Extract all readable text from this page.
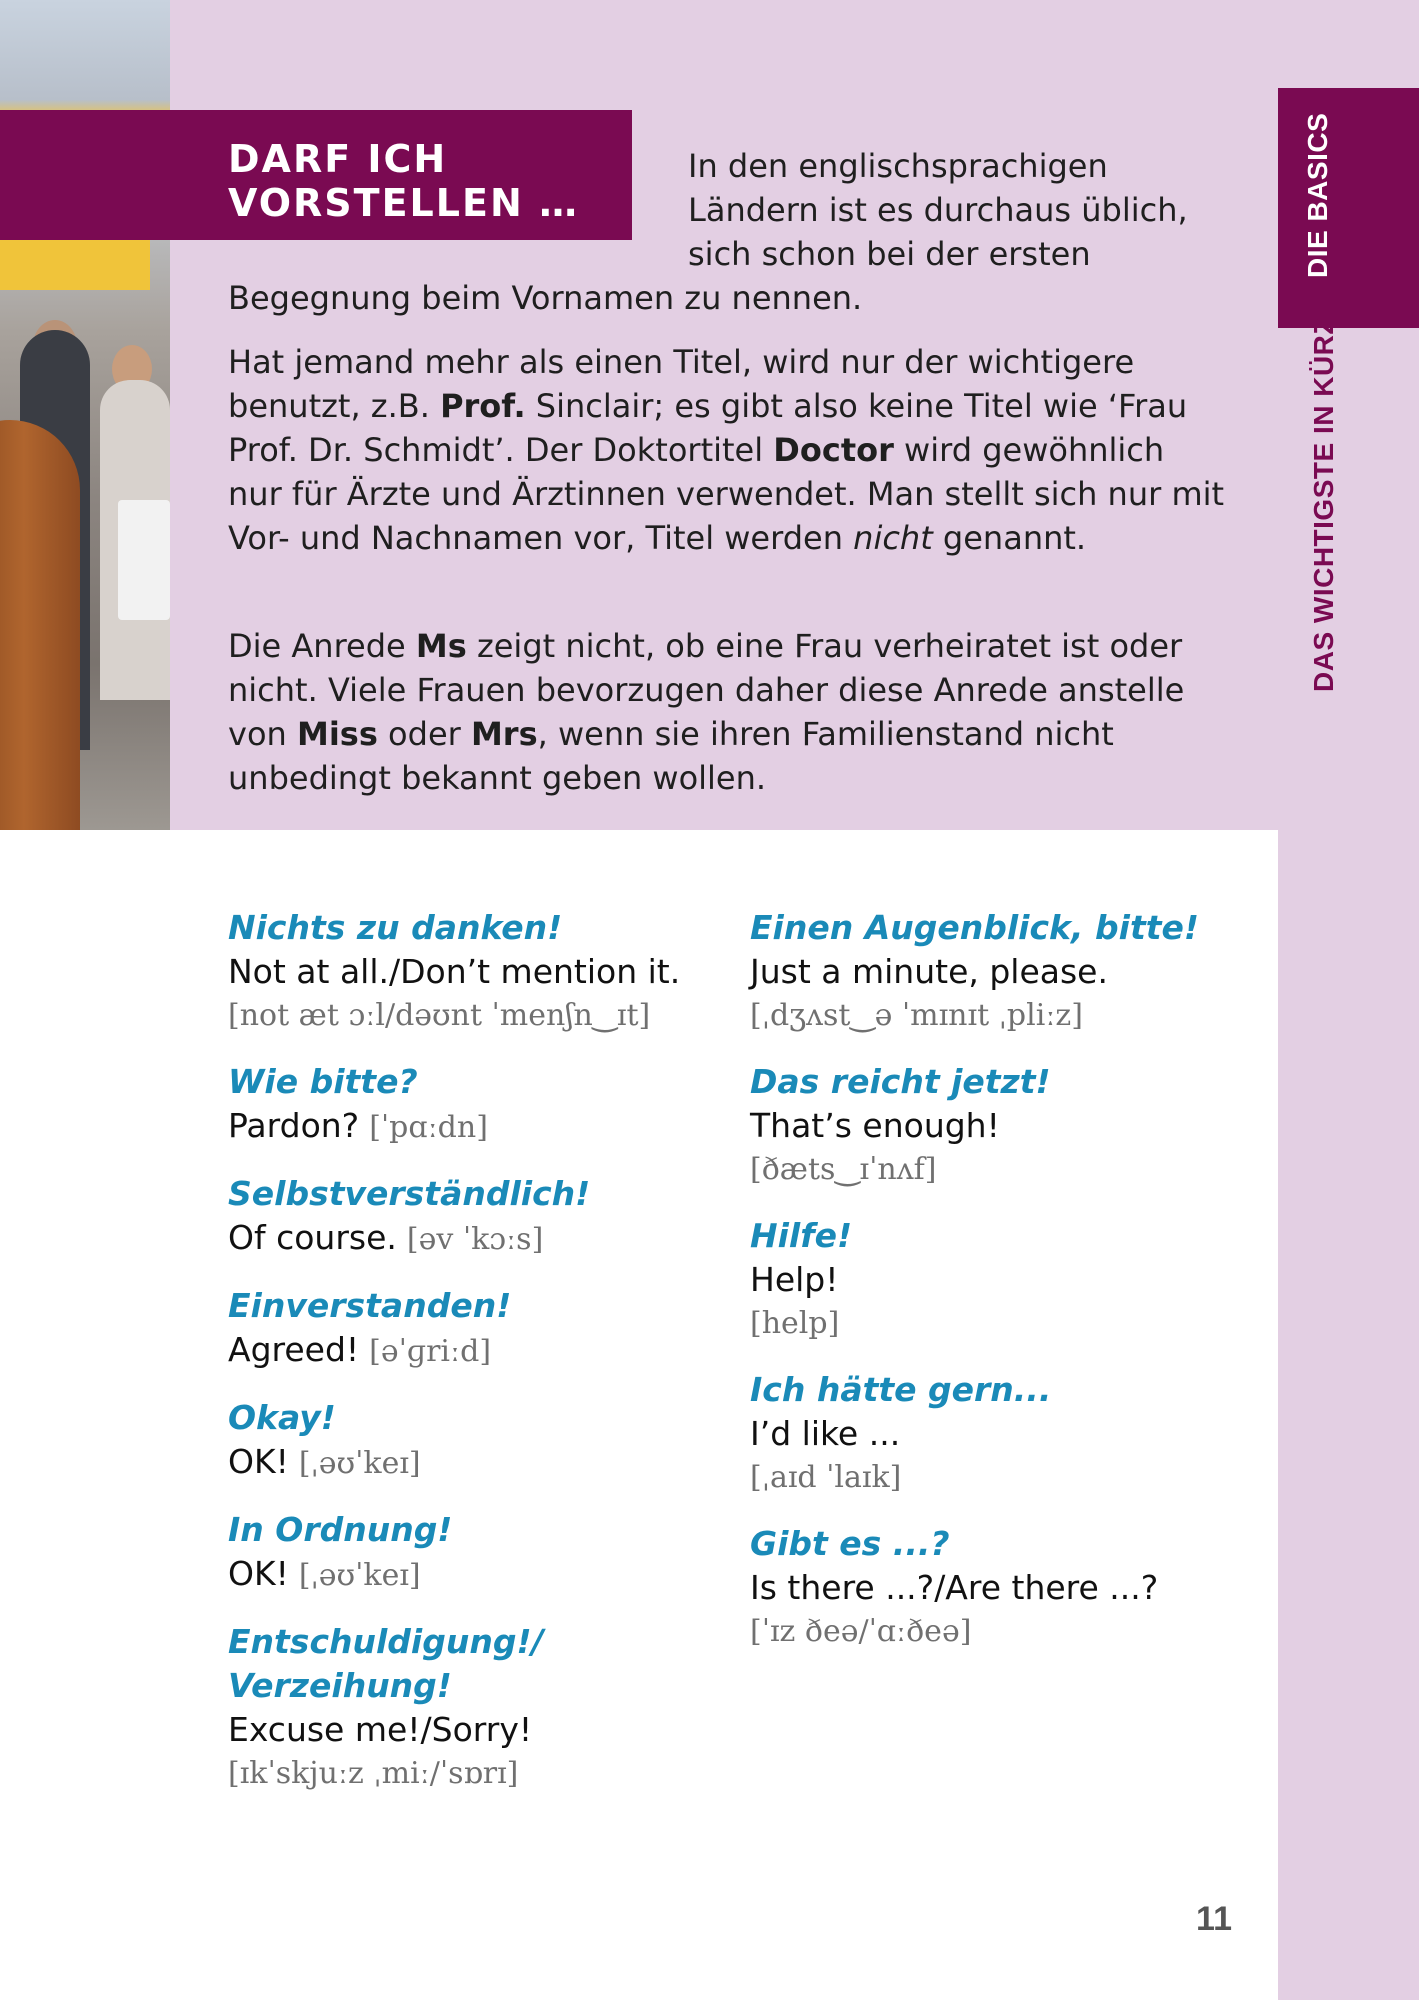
DIE BASICS
DAS WICHTIGSTE IN KÜRZE
DARF ICH
VORSTELLEN …

In den englischsprachigen Ländern ist es durchaus üblich, sich schon bei der ersten Begegnung beim Vornamen zu nennen.

Hat jemand mehr als einen Titel, wird nur der wichtigere benutzt, z.B. Prof. Sinclair; es gibt also keine Titel wie ‘Frau Prof. Dr. Schmidt’. Der Doktortitel Doctor wird gewöhnlich nur für Ärzte und Ärztinnen verwendet. Man stellt sich nur mit Vor- und Nachnamen vor, Titel werden nicht genannt.

Die Anrede Ms zeigt nicht, ob eine Frau verheiratet ist oder nicht. Viele Frauen bevorzugen daher diese Anrede anstelle von Miss oder Mrs, wenn sie ihren Familienstand nicht unbedingt bekannt geben wollen.

Nichts zu danken!
Not at all./Don’t mention it.
[not æt ɔːl/dəʊnt ˈmenʃn‿ɪt]
Wie bitte?
Pardon? [ˈpɑːdn]
Selbstverständlich!
Of course. [əv ˈkɔːs]
Einverstanden!
Agreed! [əˈɡriːd]
Okay!
OK! [ˌəʊˈkeɪ]
In Ordnung!
OK! [ˌəʊˈkeɪ]
Entschuldigung!/
Verzeihung!
Excuse me!/Sorry!
[ɪkˈskjuːz ˌmiː/ˈsɒrɪ]
Einen Augenblick, bitte!
Just a minute, please.
[ˌdʒʌst‿ə ˈmɪnɪt ˌpliːz]
Das reicht jetzt!
That’s enough!
[ðæts‿ɪˈnʌf]
Hilfe!
Help!
[help]
Ich hätte gern...
I’d like ...
[ˌaɪd ˈlaɪk]
Gibt es ...?
Is there ...?/Are there ...?
[ˈɪz ðeə/ˈɑːðeə]
11
